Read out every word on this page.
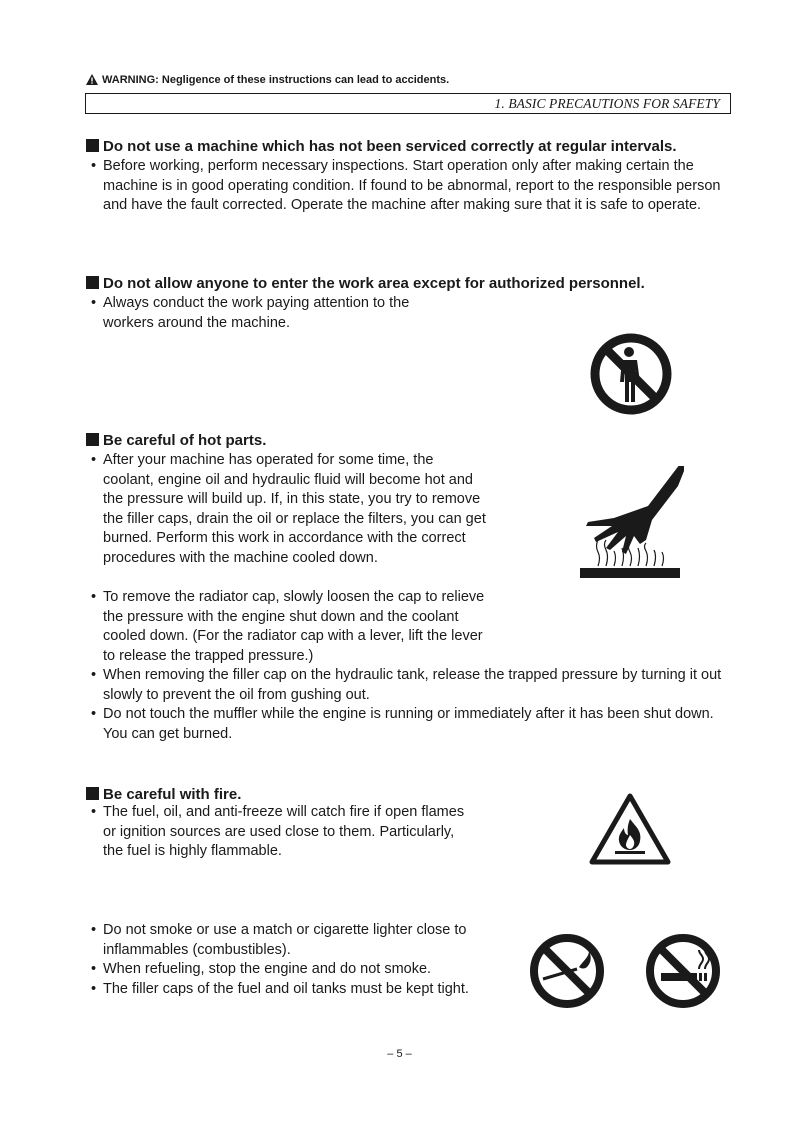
WARNING: Negligence of these instructions can lead to accidents.
1. BASIC PRECAUTIONS FOR SAFETY
Do not use a machine which has not been serviced correctly at regular intervals.
• Before working, perform necessary inspections. Start operation only after making certain the machine is in good operating condition. If found to be abnormal, report to the responsible person and have the fault corrected. Operate the machine after making sure that it is safe to operate.
Do not allow anyone to enter the work area except for authorized personnel.
• Always conduct the work paying attention to the workers around the machine.
Be careful of hot parts.
• After your machine has operated for some time, the coolant, engine oil and hydraulic fluid will become hot and the pressure will build up. If, in this state, you try to remove the filler caps, drain the oil or replace the filters, you can get burned. Perform this work in accordance with the correct procedures with the machine cooled down.
• To remove the radiator cap, slowly loosen the cap to relieve the pressure with the engine shut down and the coolant cooled down. (For the radiator cap with a lever, lift the lever to release the trapped pressure.)
• When removing the filler cap on the hydraulic tank, release the trapped pressure by turning it out slowly to prevent the oil from gushing out.
• Do not touch the muffler while the engine is running or immediately after it has been shut down. You can get burned.
Be careful with fire.
• The fuel, oil, and anti-freeze will catch fire if open flames or ignition sources are used close to them. Particularly, the fuel is highly flammable.
• Do not smoke or use a match or cigarette lighter close to inflammables (combustibles).
• When refueling, stop the engine and do not smoke.
• The filler caps of the fuel and oil tanks must be kept tight.
– 5 –
